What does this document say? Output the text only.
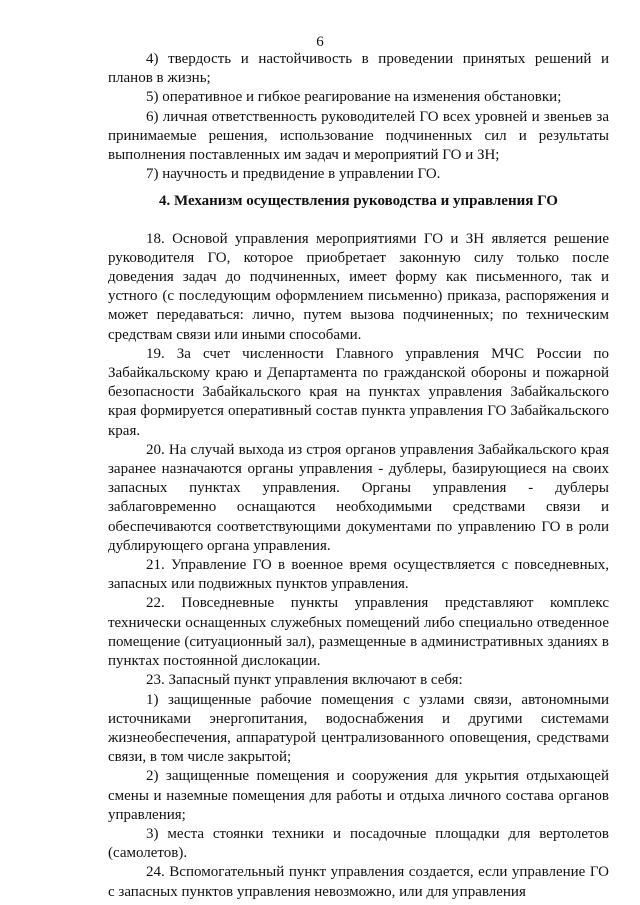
6

4) твердость и настойчивость в проведении принятых решений и планов в жизнь;

5) оперативное и гибкое реагирование на изменения обстановки;

6) личная ответственность руководителей ГО всех уровней и звеньев за принимаемые решения, использование подчиненных сил и результаты выполнения поставленных им задач и мероприятий ГО и ЗН;

7) научность и предвидение в управлении ГО.

4. Механизм осуществления руководства и управления ГО

18. Основой управления мероприятиями ГО и ЗН является решение руководителя ГО, которое приобретает законную силу только после доведения задач до подчиненных, имеет форму как письменного, так и устного (с последующим оформлением письменно) приказа, распоряжения и может передаваться: лично, путем вызова подчиненных; по техническим средствам связи или иными способами.

19. За счет численности Главного управления МЧС России по Забайкальскому краю и Департамента по гражданской обороны и пожарной безопасности Забайкальского края на пунктах управления Забайкальского края формируется оперативный состав пункта управления ГО Забайкальского края.

20. На случай выхода из строя органов управления Забайкальского края заранее назначаются органы управления - дублеры, базирующиеся на своих запасных пунктах управления. Органы управления - дублеры заблаговременно оснащаются необходимыми средствами связи и обеспечиваются соответствующими документами по управлению ГО в роли дублирующего органа управления.

21. Управление ГО в военное время осуществляется с повседневных, запасных или подвижных пунктов управления.

22. Повседневные пункты управления представляют комплекс технически оснащенных служебных помещений либо специально отведенное помещение (ситуационный зал), размещенные в административных зданиях в пунктах постоянной дислокации.

23. Запасный пункт управления включают в себя:

1) защищенные рабочие помещения с узлами связи, автономными источниками энергопитания, водоснабжения и другими системами жизнеобеспечения, аппаратурой централизованного оповещения, средствами связи, в том числе закрытой;

2) защищенные помещения и сооружения для укрытия отдыхающей смены и наземные помещения для работы и отдыха личного состава органов управления;

3) места стоянки техники и посадочные площадки для вертолетов (самолетов).

24. Вспомогательный пункт управления создается, если управление ГО с запасных пунктов управления невозможно, или для управления
